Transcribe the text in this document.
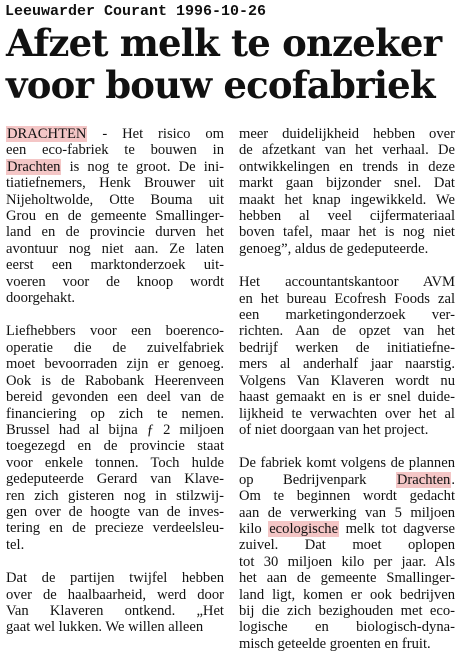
Leeuwarder Courant 1996-10-26
Afzet melk te onzeker
voor bouw ecofabriek
DRACHTEN - Het risico om
een eco-fabriek te bouwen in
Drachten is nog te groot. De ini-
tiatiefnemers, Henk Brouwer uit
Nijeholtwolde, Otte Bouma uit
Grou en de gemeente Smallinger-
land en de provincie durven het
avontuur nog niet aan. Ze laten
eerst een marktonderzoek uit-
voeren voor de knoop wordt
doorgehakt.
Liefhebbers voor een boerenco-
operatie die de zuivelfabriek
moet bevoorraden zijn er genoeg.
Ook is de Rabobank Heerenveen
bereid gevonden een deel van de
financiering op zich te nemen.
Brussel had al bijna ƒ 2 miljoen
toegezegd en de provincie staat
voor enkele tonnen. Toch hulde
gedeputeerde Gerard van Klave-
ren zich gisteren nog in stilzwij-
gen over de hoogte van de inves-
tering en de precieze verdeelsleu-
tel.
Dat de partijen twijfel hebben
over de haalbaarheid, werd door
Van Klaveren ontkend. „Het
gaat wel lukken. We willen alleen
meer duidelijkheid hebben over
de afzetkant van het verhaal. De
ontwikkelingen en trends in deze
markt gaan bijzonder snel. Dat
maakt het knap ingewikkeld. We
hebben al veel cijfermateriaal
boven tafel, maar het is nog niet
genoeg”, aldus de gedeputeerde.
Het accountantskantoor AVM
en het bureau Ecofresh Foods zal
een marketingonderzoek ver-
richten. Aan de opzet van het
bedrijf werken de initiatiefne-
mers al anderhalf jaar naarstig.
Volgens Van Klaveren wordt nu
haast gemaakt en is er snel duide-
lijkheid te verwachten over het al
of niet doorgaan van het project.
De fabriek komt volgens de plannen
op Bedrijvenpark Drachten.
Om te beginnen wordt gedacht
aan de verwerking van 5 miljoen
kilo ecologische melk tot dagverse
zuivel. Dat moet oplopen
tot 30 miljoen kilo per jaar. Als
het aan de gemeente Smallinger-
land ligt, komen er ook bedrijven
bij die zich bezighouden met eco-
logische en biologisch-dyna-
misch geteelde groenten en fruit.
